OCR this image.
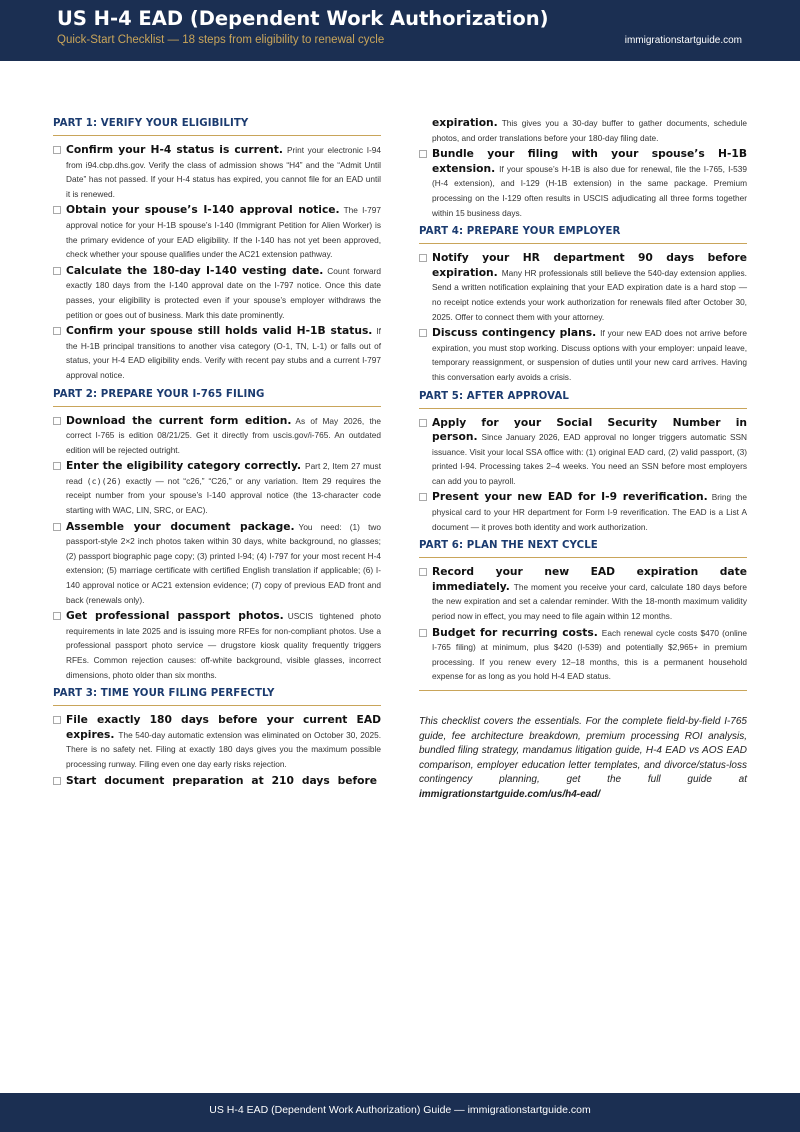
US H-4 EAD (Dependent Work Authorization)
Quick-Start Checklist — 18 steps from eligibility to renewal cycle	immigrationstartguide.com
PART 1: VERIFY YOUR ELIGIBILITY
Confirm your H-4 status is current. Print your electronic I-94 from i94.cbp.dhs.gov. Verify the class of admission shows “H4” and the “Admit Until Date” has not passed. If your H-4 status has expired, you cannot file for an EAD until it is renewed.
Obtain your spouse’s I-140 approval notice. The I-797 approval notice for your H-1B spouse’s I-140 (Immigrant Petition for Alien Worker) is the primary evidence of your EAD eligibility. If the I-140 has not yet been approved, check whether your spouse qualifies under the AC21 extension pathway.
Calculate the 180-day I-140 vesting date. Count forward exactly 180 days from the I-140 approval date on the I-797 notice. Once this date passes, your eligibility is protected even if your spouse’s employer withdraws the petition or goes out of business. Mark this date prominently.
Confirm your spouse still holds valid H-1B status. If the H-1B principal transitions to another visa category (O-1, TN, L-1) or falls out of status, your H-4 EAD eligibility ends. Verify with recent pay stubs and a current I-797 approval notice.
PART 2: PREPARE YOUR I-765 FILING
Download the current form edition. As of May 2026, the correct I-765 is edition 08/21/25. Get it directly from uscis.gov/i-765. An outdated edition will be rejected outright.
Enter the eligibility category correctly. Part 2, Item 27 must read (c)(26) exactly — not “c26,” “C26,” or any variation. Item 29 requires the receipt number from your spouse’s I-140 approval notice (the 13-character code starting with WAC, LIN, SRC, or EAC).
Assemble your document package. You need: (1) two passport-style 2×2 inch photos taken within 30 days, white background, no glasses; (2) passport biographic page copy; (3) printed I-94; (4) I-797 for your most recent H-4 extension; (5) marriage certificate with certified English translation if applicable; (6) I-140 approval notice or AC21 extension evidence; (7) copy of previous EAD front and back (renewals only).
Get professional passport photos. USCIS tightened photo requirements in late 2025 and is issuing more RFEs for non-compliant photos. Use a professional passport photo service — drugstore kiosk quality frequently triggers RFEs. Common rejection causes: off-white background, visible glasses, incorrect dimensions, photo older than six months.
PART 3: TIME YOUR FILING PERFECTLY
File exactly 180 days before your current EAD expires. The 540-day automatic extension was eliminated on October 30, 2025. There is no safety net. Filing at exactly 180 days gives you the maximum possible processing runway. Filing even one day early risks rejection.
Start document preparation at 210 days before
expiration. This gives you a 30-day buffer to gather documents, schedule photos, and order translations before your 180-day filing date.
Bundle your filing with your spouse’s H-1B extension. If your spouse’s H-1B is also due for renewal, file the I-765, I-539 (H-4 extension), and I-129 (H-1B extension) in the same package. Premium processing on the I-129 often results in USCIS adjudicating all three forms together within 15 business days.
PART 4: PREPARE YOUR EMPLOYER
Notify your HR department 90 days before expiration. Many HR professionals still believe the 540-day extension applies. Send a written notification explaining that your EAD expiration date is a hard stop — no receipt notice extends your work authorization for renewals filed after October 30, 2025. Offer to connect them with your attorney.
Discuss contingency plans. If your new EAD does not arrive before expiration, you must stop working. Discuss options with your employer: unpaid leave, temporary reassignment, or suspension of duties until your new card arrives. Having this conversation early avoids a crisis.
PART 5: AFTER APPROVAL
Apply for your Social Security Number in person. Since January 2026, EAD approval no longer triggers automatic SSN issuance. Visit your local SSA office with: (1) original EAD card, (2) valid passport, (3) printed I-94. Processing takes 2–4 weeks. You need an SSN before most employers can add you to payroll.
Present your new EAD for I-9 reverification. Bring the physical card to your HR department for Form I-9 reverification. The EAD is a List A document — it proves both identity and work authorization.
PART 6: PLAN THE NEXT CYCLE
Record your new EAD expiration date immediately. The moment you receive your card, calculate 180 days before the new expiration and set a calendar reminder. With the 18-month maximum validity period now in effect, you may need to file again within 12 months.
Budget for recurring costs. Each renewal cycle costs $470 (online I-765 filing) at minimum, plus $420 (I-539) and potentially $2,965+ in premium processing. If you renew every 12–18 months, this is a permanent household expense for as long as you hold H-4 EAD status.
This checklist covers the essentials. For the complete field-by-field I-765 guide, fee architecture breakdown, premium processing ROI analysis, bundled filing strategy, mandamus litigation guide, H-4 EAD vs AOS EAD comparison, employer education letter templates, and divorce/status-loss contingency planning, get the full guide at immigrationstartguide.com/us/h4-ead/
US H-4 EAD (Dependent Work Authorization) Guide — immigrationstartguide.com
